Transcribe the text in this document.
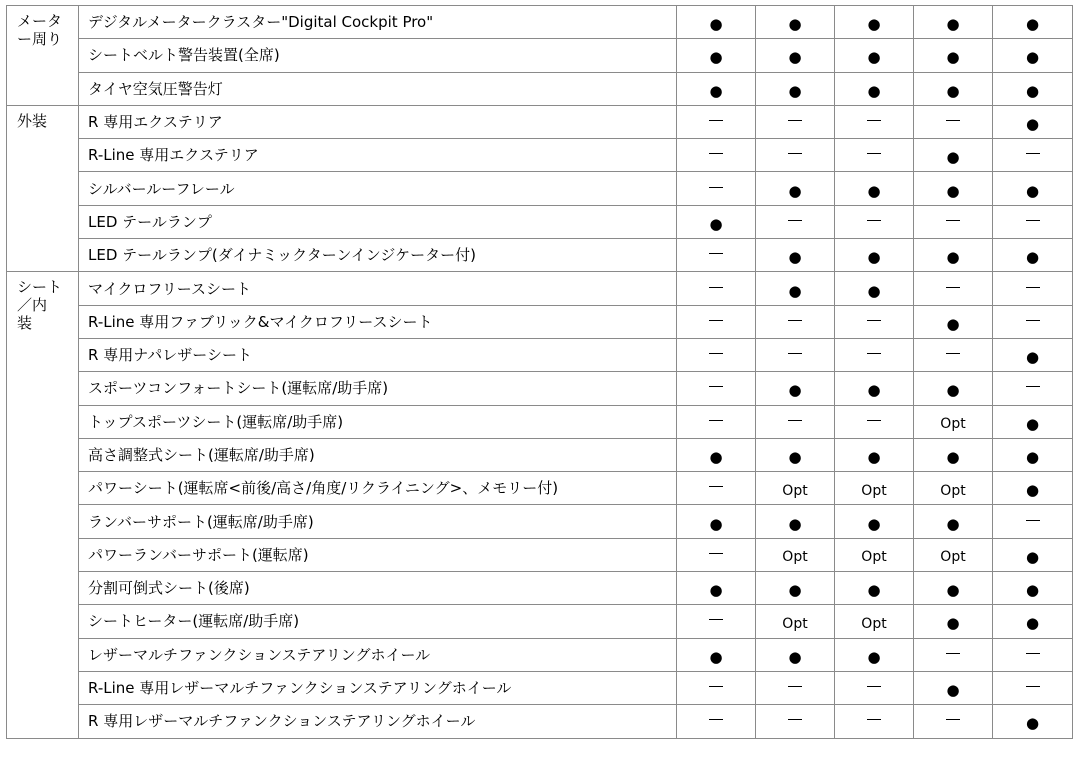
メータ
ー周り	デジタルメータークラスター"Digital Cockpit Pro"	●	●	●	●	●
	シートベルト警告装置(全席)	●	●	●	●	●
	タイヤ空気圧警告灯	●	●	●	●	●

外装	R 専用エクステリア					●
	R-Line 専用エクステリア				●	
	シルバールーフレール		●	●	●	●
	LED テールランプ	●				
	LED テールランプ(ダイナミックターンインジケーター付)		●	●	●	●

シート
／内
装	マイクロフリースシート		●	●		
	R-Line 専用ファブリック&マイクロフリースシート				●	
	R 専用ナパレザーシート					●
	スポーツコンフォートシート(運転席/助手席)		●	●	●	
	トップスポーツシート(運転席/助手席)				Opt	●
	高さ調整式シート(運転席/助手席)	●	●	●	●	●
	パワーシート(運転席<前後/高さ/角度/リクライニング>、メモリー付)		Opt	Opt	Opt	●
	ランバーサポート(運転席/助手席)	●	●	●	●	
	パワーランバーサポート(運転席)		Opt	Opt	Opt	●
	分割可倒式シート(後席)	●	●	●	●	●
	シートヒーター(運転席/助手席)		Opt	Opt	●	●
	レザーマルチファンクションステアリングホイール	●	●	●		
	R-Line 専用レザーマルチファンクションステアリングホイール				●	
	R 専用レザーマルチファンクションステアリングホイール					●
